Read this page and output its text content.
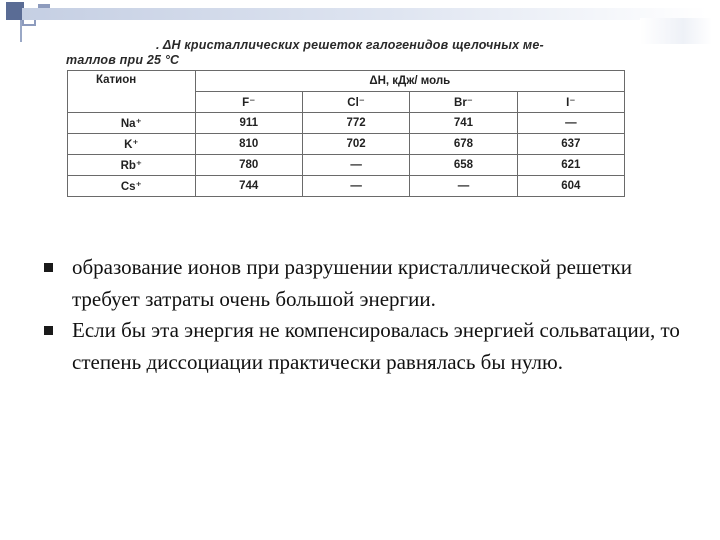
. ΔН кристаллических решеток галогенидов щелочных ме-
таллов при 25 °С
Катион	ΔН, кДж/ моль			
	F⁻	Cl⁻	Br⁻	I⁻
Na⁺	911	772	741	—
K⁺	810	702	678	637
Rb⁺	780	—	658	621
Cs⁺	744	—	—	604
образование ионов при разрушении кристаллической решетки требует затраты очень большой энергии.
Если бы эта энергия не компенсировалась энергией сольватации, то степень диссоциации практически равнялась бы нулю.
